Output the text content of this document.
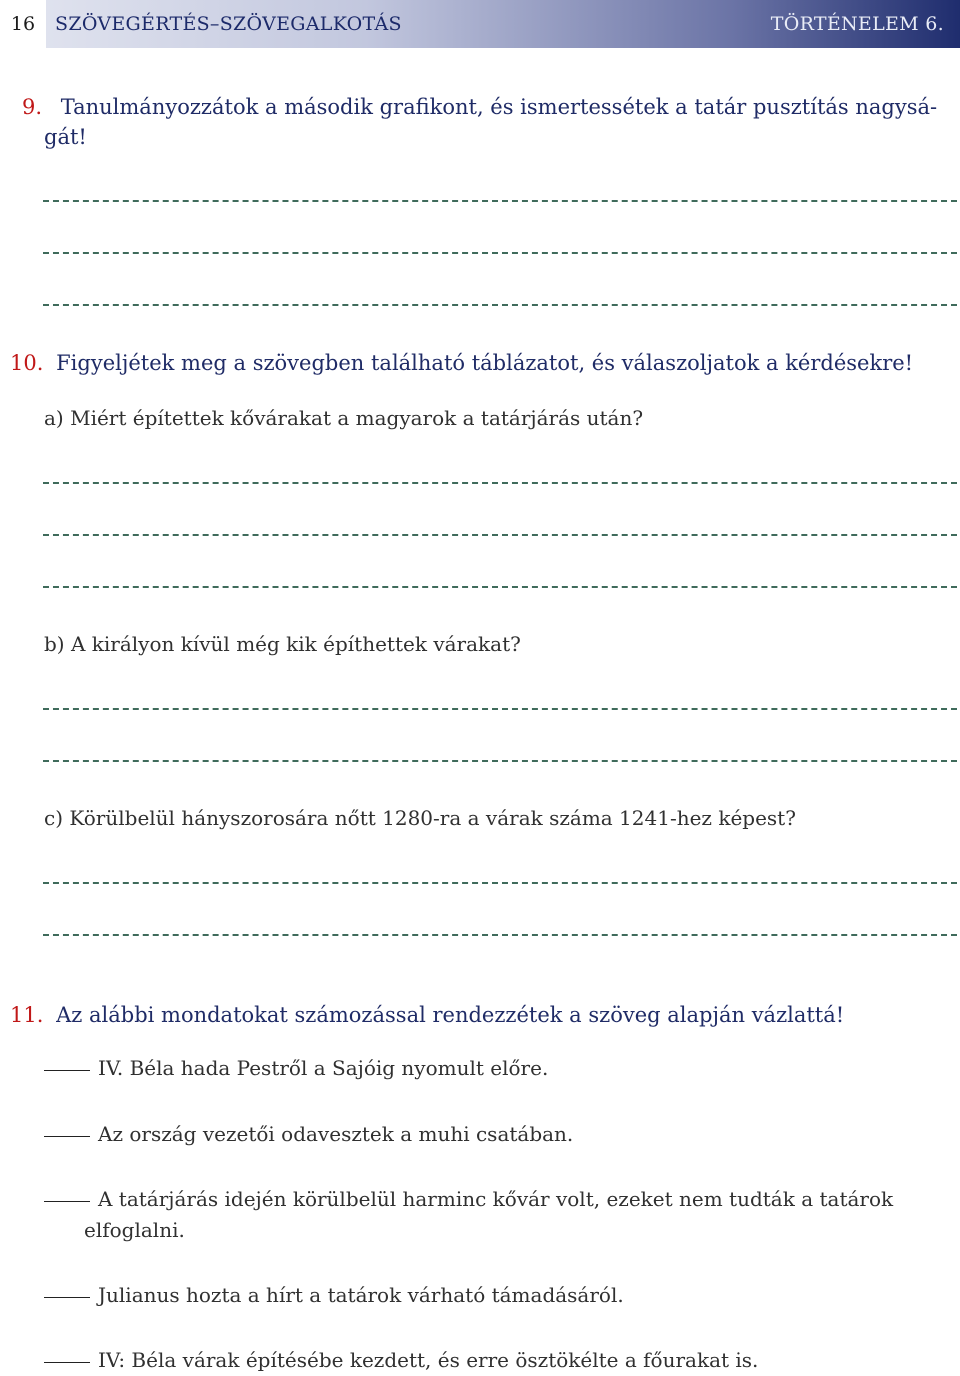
16	SZÖVEGÉRTÉS–SZÖVEGALKOTÁS	TÖRTÉNELEM 6.
9. Tanulmányozzátok a második grafikont, és ismertessétek a tatár pusztítás nagysá-
gát!
10. Figyeljétek meg a szövegben található táblázatot, és válaszoljatok a kérdésekre!
a) Miért építettek kővárakat a magyarok a tatárjárás után?
b) A királyon kívül még kik építhettek várakat?
c) Körülbelül hányszorosára nőtt 1280-ra a várak száma 1241-hez képest?
11. Az alábbi mondatokat számozással rendezzétek a szöveg alapján vázlattá!
IV. Béla hada Pestről a Sajóig nyomult előre.
Az ország vezetői odavesztek a muhi csatában.
A tatárjárás idején körülbelül harminc kővár volt, ezeket nem tudták a tatárok
elfoglalni.
Julianus hozta a hírt a tatárok várható támadásáról.
IV: Béla várak építésébe kezdett, és erre ösztökélte a főurakat is.
